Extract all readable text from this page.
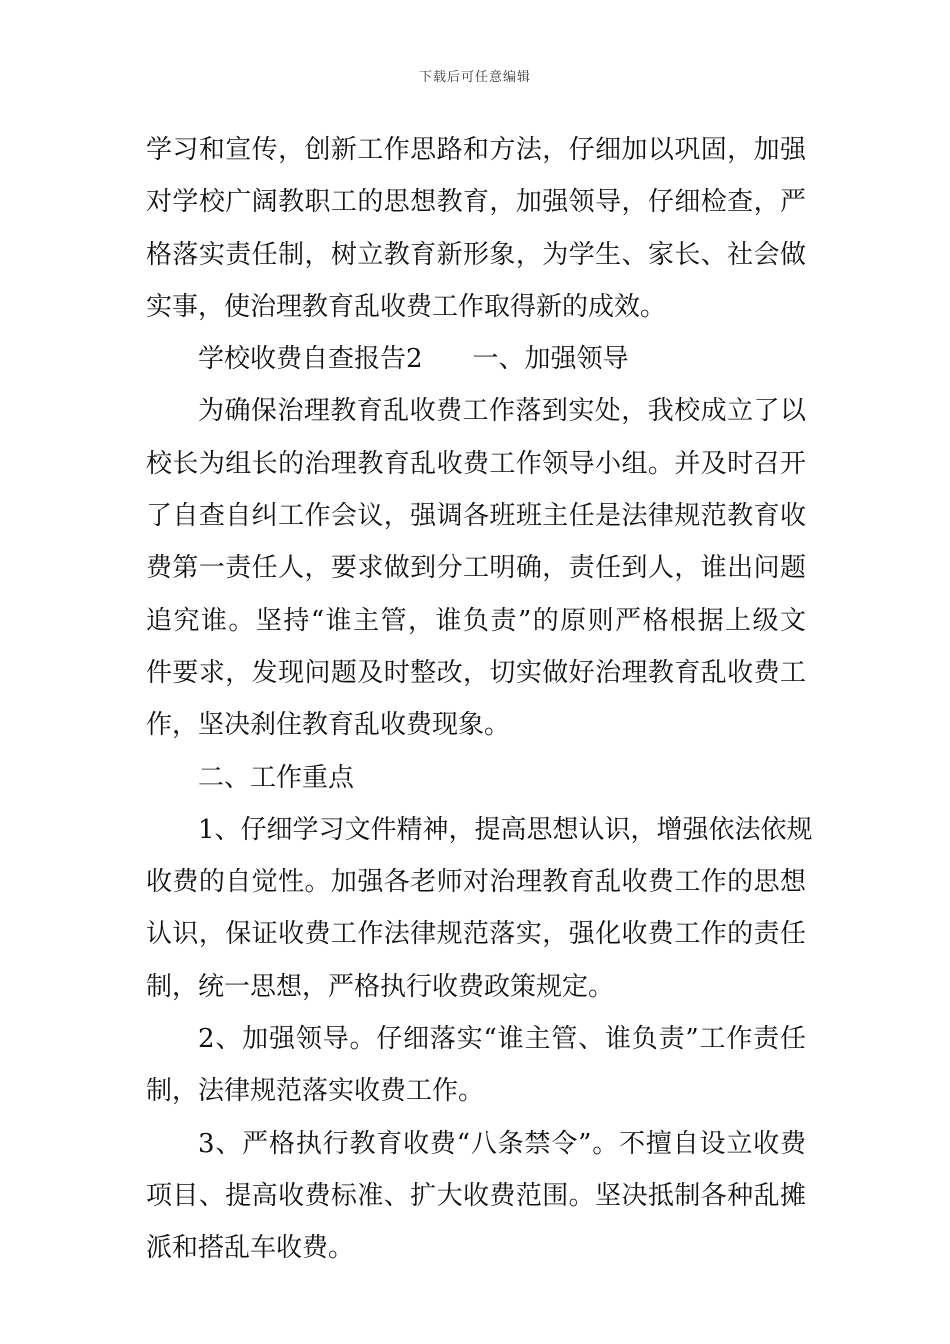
下载后可任意编辑
学习和宣传，创新工作思路和方法，仔细加以巩固，加强
对学校广阔教职工的思想教育，加强领导，仔细检查，严
格落实责任制，树立教育新形象，为学生、家长、社会做
实事，使治理教育乱收费工作取得新的成效。
学校收费自查报告2 一、加强领导
为确保治理教育乱收费工作落到实处，我校成立了以
校长为组长的治理教育乱收费工作领导小组。并及时召开
了自查自纠工作会议，强调各班班主任是法律规范教育收
费第一责任人，要求做到分工明确，责任到人，谁出问题
追究谁。坚持“谁主管，谁负责”的原则严格根据上级文
件要求，发现问题及时整改，切实做好治理教育乱收费工
作，坚决刹住教育乱收费现象。
二、工作重点
1、仔细学习文件精神，提高思想认识，增强依法依规
收费的自觉性。加强各老师对治理教育乱收费工作的思想
认识，保证收费工作法律规范落实，强化收费工作的责任
制，统一思想，严格执行收费政策规定。
2、加强领导。仔细落实“谁主管、谁负责”工作责任
制，法律规范落实收费工作。
3、严格执行教育收费“八条禁令”。不擅自设立收费
项目、提高收费标准、扩大收费范围。坚决抵制各种乱摊
派和搭乱车收费。
